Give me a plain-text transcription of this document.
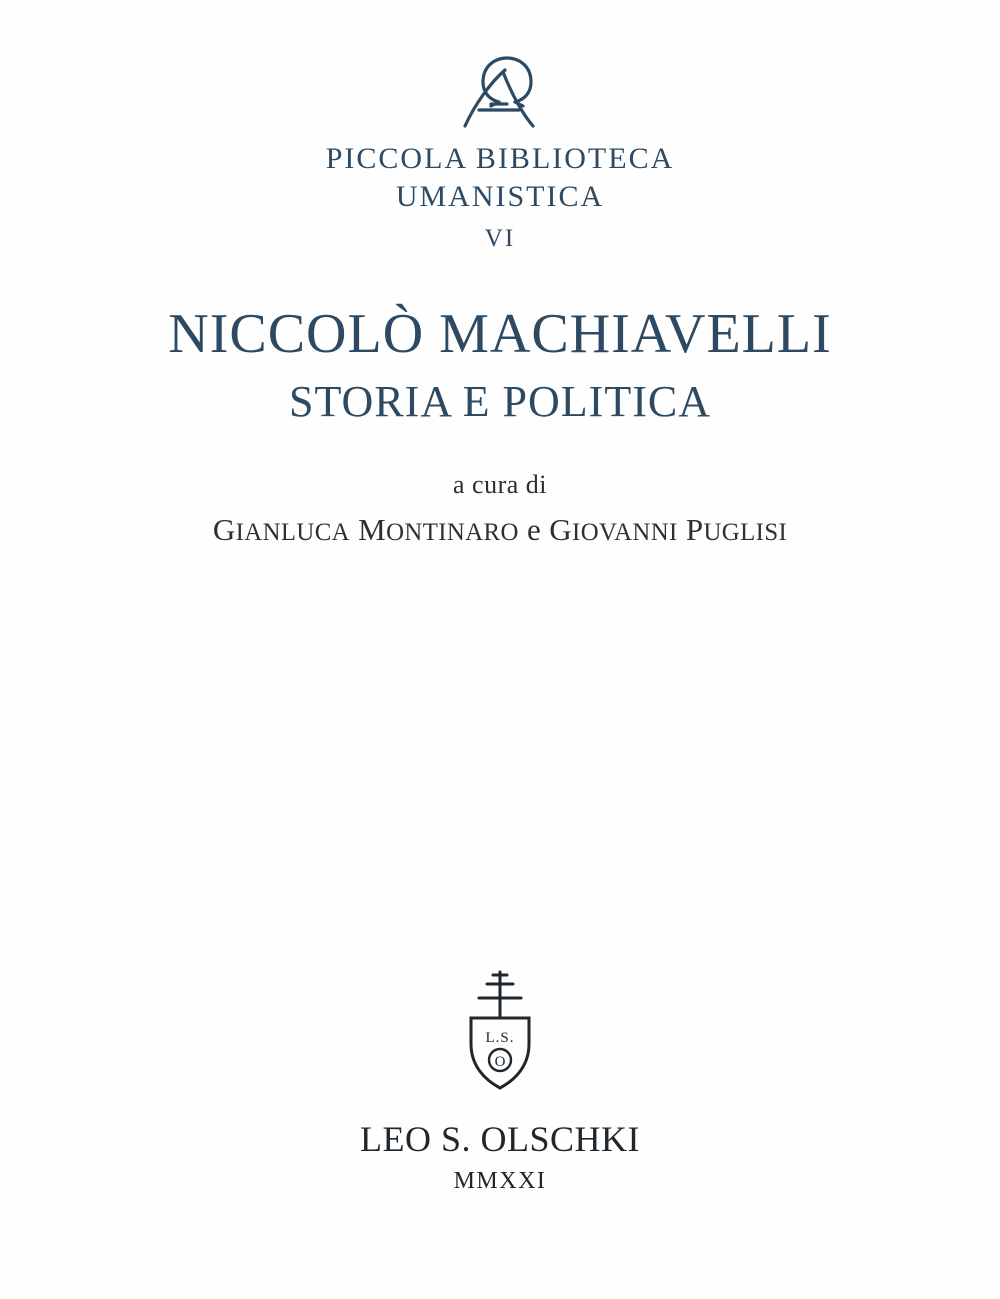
PICCOLA BIBLIOTECA
UMANISTICA
VI
NICCOLÒ MACHIAVELLI
STORIA E POLITICA

a cura di

GIANLUCA MONTINARO e GIOVANNI PUGLISI

L.S.
O

LEO S. OLSCHKI

MMXXI
